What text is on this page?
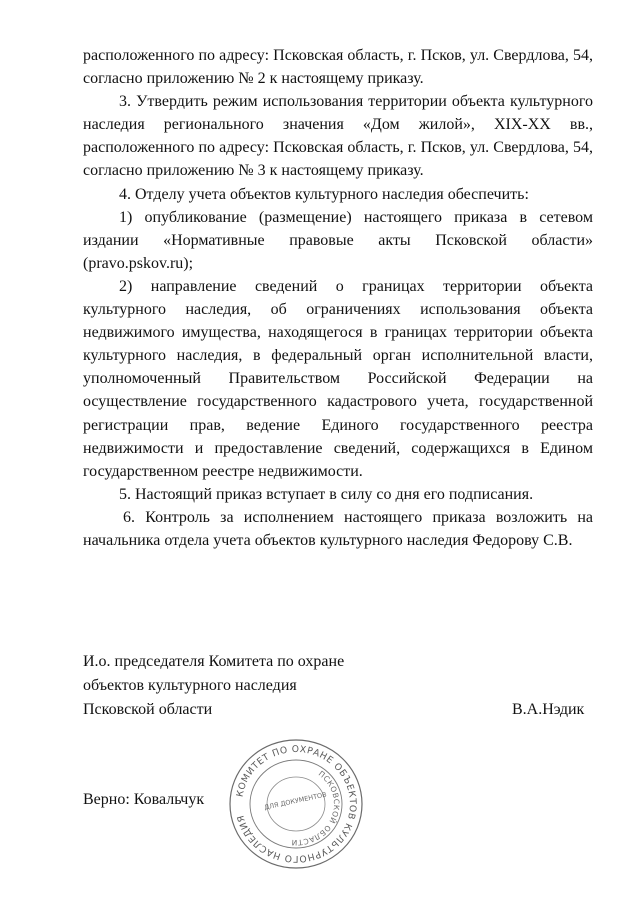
расположенного по адресу: Псковская область, г. Псков, ул. Свердлова, 54, согласно приложению № 2 к настоящему приказу.

3. Утвердить режим использования территории объекта культурного наследия регионального значения «Дом жилой», XIX-XX вв., расположенного по адресу: Псковская область, г. Псков, ул. Свердлова, 54, согласно приложению № 3 к настоящему приказу.

4. Отделу учета объектов культурного наследия обеспечить:

1) опубликование (размещение) настоящего приказа в сетевом издании «Нормативные правовые акты Псковской области» (pravo.pskov.ru);

2) направление сведений о границах территории объекта культурного наследия, об ограничениях использования объекта недвижимого имущества, находящегося в границах территории объекта культурного наследия, в федеральный орган исполнительной власти, уполномоченный Правительством Российской Федерации на осуществление государственного кадастрового учета, государственной регистрации прав, ведение Единого государственного реестра недвижимости и предоставление сведений, содержащихся в Едином государственном реестре недвижимости.

5. Настоящий приказ вступает в силу со дня его подписания.

6. Контроль за исполнением настоящего приказа возложить на начальника отдела учета объектов культурного наследия Федорову С.В.

И.о. председателя Комитета по охране
объектов культурного наследия
Псковской области	В.А.Нэдик
Верно: Ковальчук	КОМИТЕТ ПО ОХРАНЕ ОБЪЕКТОВ КУЛЬТУРНОГО НАСЛЕДИЯ
ПСКОВСКОЙ ОБЛАСТИ
ДЛЯ ДОКУМЕНТОВ
